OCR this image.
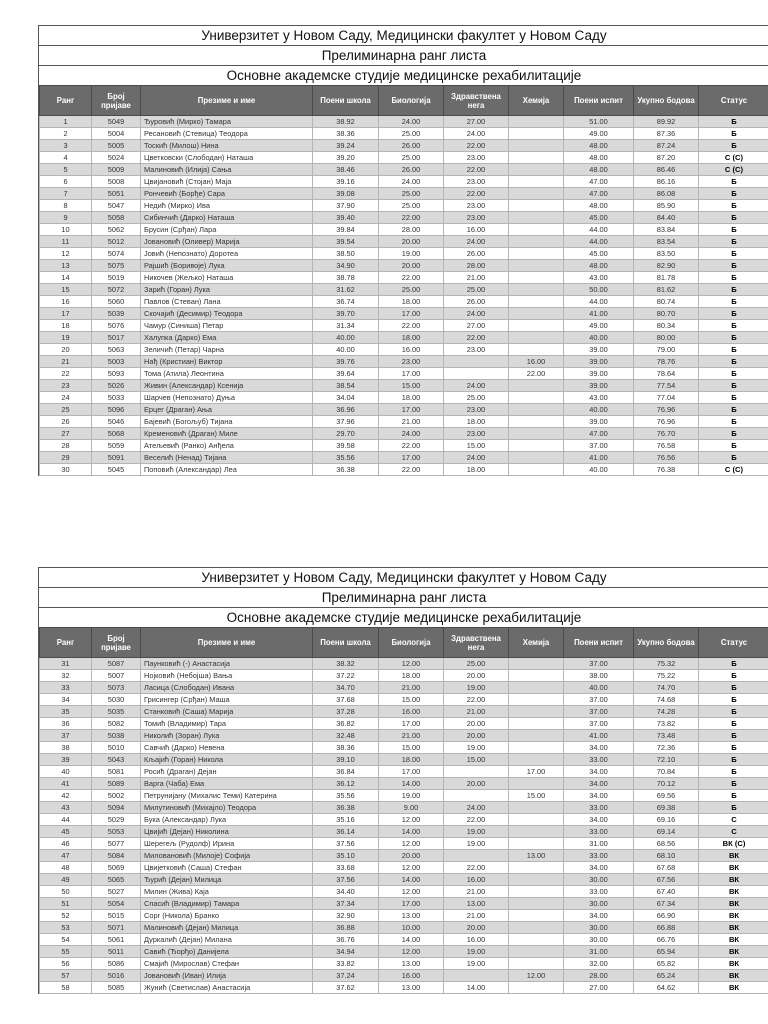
Универзитет у Новом Саду, Медицински факултет у Новом Саду
Прелиминарна ранг листа
Основне академске студије медицинске рехабилитације
Ранг	Број пријаве	Презиме и име	Поени школа	Биологија	Здравствена нега	Хемија	Поени испит	Укупно бодова	Статус
1	5049	Ђуровић (Мирко) Тамара	38.92	24.00	27.00		51.00	89.92	Б
2	5004	Ресановић (Стевица) Теодора	38.36	25.00	24.00		49.00	87.36	Б
3	5005	Тоскић (Милош) Нина	39.24	26.00	22.00		48.00	87.24	Б
4	5024	Цветковски (Слободан) Наташа	39.20	25.00	23.00		48.00	87.20	С (С)
5	5009	Малиновић (Илија) Сања	38.46	26.00	22.00		48.00	86.46	С (С)
6	5008	Цвијановић (Стојан) Маја	39.16	24.00	23.00		47.00	86.16	Б
7	5051	Рончевић (Борђе) Сара	39.08	25.00	22.00		47.00	86.08	Б
8	5047	Недић (Мирко) Ива	37.90	25.00	23.00		48.00	85.90	Б
9	5058	Сибинчић (Дарко) Наташа	39.40	22.00	23.00		45.00	84.40	Б
10	5062	Брусин (Срђан) Лара	39.84	28.00	16.00		44.00	83.84	Б
11	5012	Јовановић (Оливер) Марија	39.54	20.00	24.00		44.00	83.54	Б
12	5074	Јовић (Непознато) Доротеа	38.50	19.00	26.00		45.00	83.50	Б
13	5075	Рајшић (Боривоје) Лука	34.90	20.00	28.00		48.00	82.90	Б
14	5019	Никочев (Жељко) Наташа	38.78	22.00	21.00		43.00	81.78	Б
15	5072	Зарић (Горан) Лука	31.62	25.00	25.00		50.00	81.62	Б
16	5060	Павлов (Стеван) Лана	36.74	18.00	26.00		44.00	80.74	Б
17	5039	Скочајић (Десимир) Теодора	39.70	17.00	24.00		41.00	80.70	Б
18	5076	Чамур (Синиша) Петар	31.34	22.00	27.00		49.00	80.34	Б
19	5017	Халупка (Дарко) Ема	40.00	18.00	22.00		40.00	80.00	Б
20	5063	Зеличић (Петар) Чарна	40.00	16.00	23.00		39.00	79.00	Б
21	5003	Нађ (Кристиан) Виктор	39.76	23.00		16.00	39.00	78.76	Б
22	5093	Тома (Атила) Леонтина	39.64	17.00		22.00	39.00	78.64	Б
23	5026	Живин (Александар) Ксенија	38.54	15.00	24.00		39.00	77.54	Б
24	5033	Шарчев (Непознато) Дуња	34.04	18.00	25.00		43.00	77.04	Б
25	5096	Ерцег (Драган) Ања	36.96	17.00	23.00		40.00	76.96	Б
26	5046	Бајевић (Богољуб) Тијана	37.96	21.00	18.00		39.00	76.96	Б
27	5068	Кременовић (Драган) Миле	29.70	24.00	23.00		47.00	76.70	Б
28	5059	Атељевић (Ранко) Анђела	39.58	22.00	15.00		37.00	76.58	Б
29	5091	Веселић (Ненад) Тијана	35.56	17.00	24.00		41.00	76.56	Б
30	5045	Поповић (Александар) Леа	36.38	22.00	18.00		40.00	76.38	С (С)
Универзитет у Новом Саду, Медицински факултет у Новом Саду
Прелиминарна ранг листа
Основне академске студије медицинске рехабилитације
Ранг	Број пријаве	Презиме и име	Поени школа	Биологија	Здравствена нега	Хемија	Поени испит	Укупно бодова	Статус
31	5087	Паунковић (-) Анастасија	38.32	12.00	25.00		37.00	75.32	Б
32	5007	Нојковић (Небојша) Вања	37.22	18.00	20.00		38.00	75.22	Б
33	5073	Ласица (Слободан) Ивана	34.70	21.00	19.00		40.00	74.70	Б
34	5030	Грисингер (Срђан) Маша	37.68	15.00	22.00		37.00	74.68	Б
35	5035	Станковић (Саша) Марија	37.28	16.00	21.00		37.00	74.28	Б
36	5082	Томић (Владимир) Тара	36.82	17.00	20.00		37.00	73.82	Б
37	5038	Николић (Зоран) Лука	32.48	21.00	20.00		41.00	73.48	Б
38	5010	Савчић (Дарко) Невена	38.36	15.00	19.00		34.00	72.36	Б
39	5043	Кљајић (Горан) Никола	39.10	18.00	15.00		33.00	72.10	Б
40	5081	Росић (Драган) Дејан	36.84	17.00		17.00	34.00	70.84	Б
41	5089	Варга (Чаба) Ема	36.12	14.00	20.00		34.00	70.12	Б
42	5002	Петрунијану (Михалис Теми) Катерина	35.56	19.00		15.00	34.00	69.56	Б
43	5094	Милутиновић (Михајло) Теодора	36.38	9.00	24.00		33.00	69.38	Б
44	5029	Бука (Александар) Лука	35.16	12.00	22.00		34.00	69.16	С
45	5053	Цвијић (Дејан) Николина	36.14	14.00	19.00		33.00	69.14	С
46	5077	Шерегељ (Рудолф) Ирина	37.56	12.00	19.00		31.00	68.56	ВК (С)
47	5084	Миловановић (Милоје) Софија	35.10	20.00		13.00	33.00	68.10	ВК
48	5069	Цвијетковић (Саша) Стефан	33.68	12.00	22.00		34.00	67.68	ВК
49	5065	Ђурић (Дејан) Милица	37.56	14.00	16.00		30.00	67.56	ВК
50	5027	Милин (Жива) Каја	34.40	12.00	21.00		33.00	67.40	ВК
51	5054	Спасић (Владимир) Тамара	37.34	17.00	13.00		30.00	67.34	ВК
52	5015	Сорг (Никола) Бранко	32.90	13.00	21.00		34.00	66.90	ВК
53	5071	Малиновић (Дејан) Милица	36.88	10.00	20.00		30.00	66.88	ВК
54	5061	Дуркалић (Дејан) Милана	36.76	14.00	16.00		30.00	66.76	ВК
55	5011	Савић (Ђорђо) Данијела	34.94	12.00	19.00		31.00	65.94	ВК
56	5086	Смајић (Мирослав) Стефан	33.82	13.00	19.00		32.00	65.82	ВК
57	5016	Јовановић (Иван) Илија	37.24	16.00		12.00	28.00	65.24	ВК
58	5085	Жунић (Светислав) Анастасија	37.62	13.00	14.00		27.00	64.62	ВК
